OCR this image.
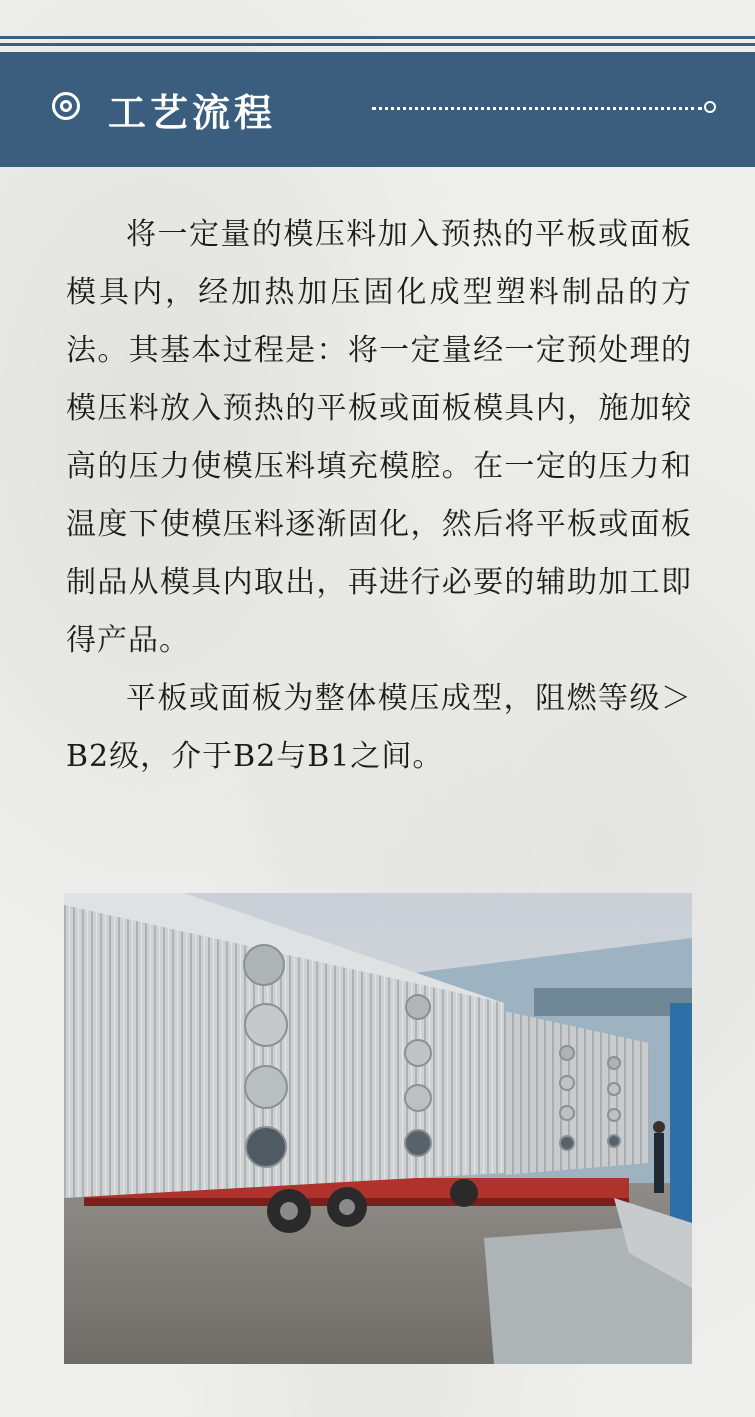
工艺流程

将一定量的模压料加入预热的平板或面板模具内，经加热加压固化成型塑料制品的方法。其基本过程是：将一定量经一定预处理的模压料放入预热的平板或面板模具内，施加较高的压力使模压料填充模腔。在一定的压力和温度下使模压料逐渐固化，然后将平板或面板制品从模具内取出，再进行必要的辅助加工即得产品。

平板或面板为整体模压成型，阻燃等级＞B2级，介于B2与B1之间。
